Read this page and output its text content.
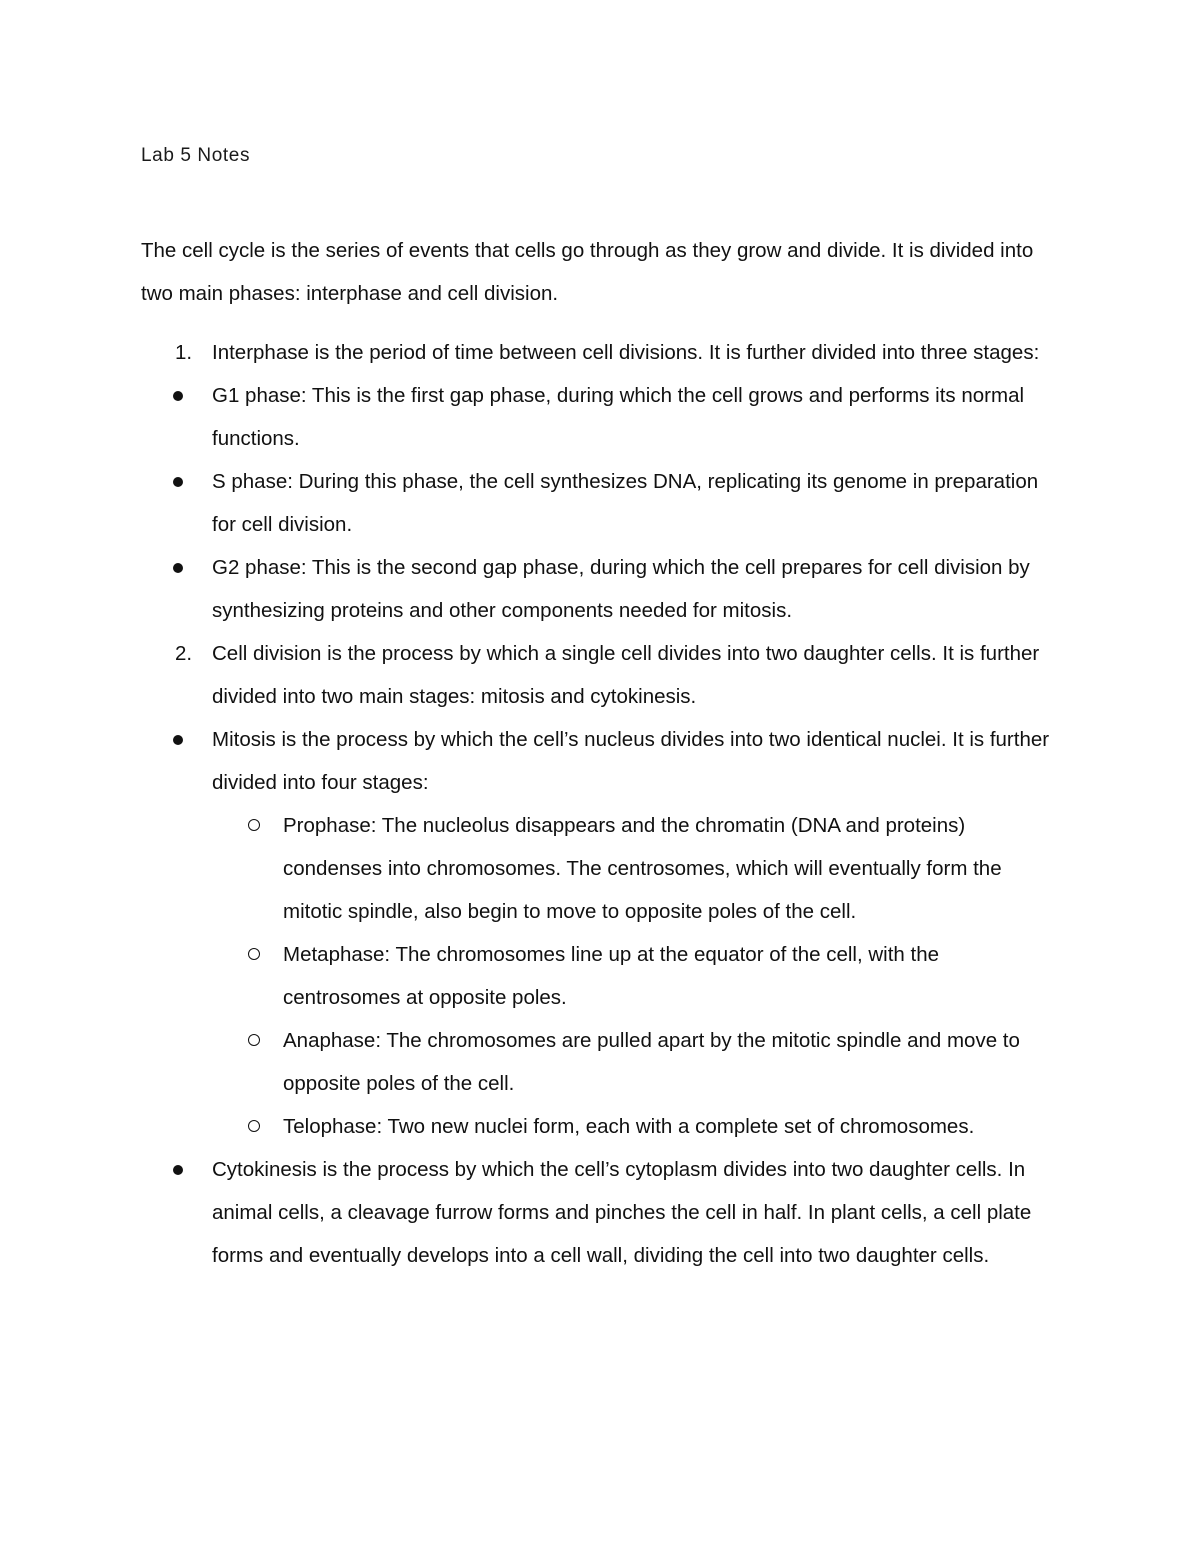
Lab 5 Notes

The cell cycle is the series of events that cells go through as they grow and divide. It is divided into two main phases: interphase and cell division.

1. Interphase is the period of time between cell divisions. It is further divided into three stages:
G1 phase: This is the first gap phase, during which the cell grows and performs its normal functions.
S phase: During this phase, the cell synthesizes DNA, replicating its genome in preparation for cell division.
G2 phase: This is the second gap phase, during which the cell prepares for cell division by synthesizing proteins and other components needed for mitosis.
2. Cell division is the process by which a single cell divides into two daughter cells. It is further divided into two main stages: mitosis and cytokinesis.
Mitosis is the process by which the cell’s nucleus divides into two identical nuclei. It is further divided into four stages:
Prophase: The nucleolus disappears and the chromatin (DNA and proteins) condenses into chromosomes. The centrosomes, which will eventually form the mitotic spindle, also begin to move to opposite poles of the cell.
Metaphase: The chromosomes line up at the equator of the cell, with the centrosomes at opposite poles.
Anaphase: The chromosomes are pulled apart by the mitotic spindle and move to opposite poles of the cell.
Telophase: Two new nuclei form, each with a complete set of chromosomes.
Cytokinesis is the process by which the cell’s cytoplasm divides into two daughter cells. In animal cells, a cleavage furrow forms and pinches the cell in half. In plant cells, a cell plate forms and eventually develops into a cell wall, dividing the cell into two daughter cells.
